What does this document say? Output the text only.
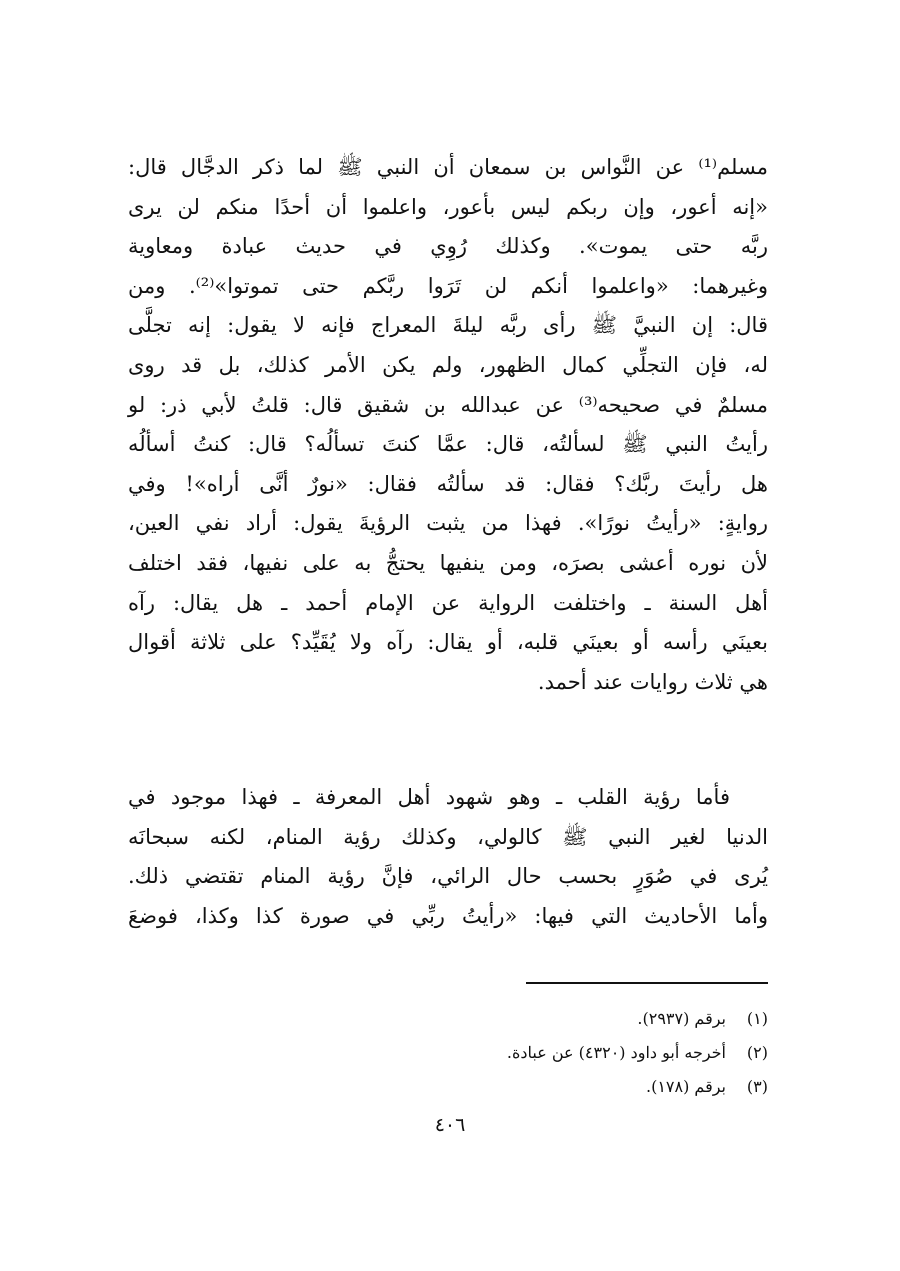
مسلم⁽¹⁾ عن النَّواس بن سمعان أن النبي ﷺ لما ذكر الدجَّال قال:
«إنه أعور، وإن ربكم ليس بأعور، واعلموا أن أحدًا منكم لن يرى
ربَّه حتى يموت». وكذلك رُوِي في حديث عبادة ومعاوية
وغيرهما: «واعلموا أنكم لن تَرَوا ربَّكم حتى تموتوا»⁽²⁾. ومن
قال: إن النبيَّ ﷺ رأى ربَّه ليلةَ المعراج فإنه لا يقول: إنه تجلَّى
له، فإن التجلِّي كمال الظهور، ولم يكن الأمر كذلك، بل قد روى
مسلمٌ في صحيحه⁽³⁾ عن عبدالله بن شقيق قال: قلتُ لأبي ذر: لو
رأيتُ النبي ﷺ لسألتُه، قال: عمَّا كنتَ تسألُه؟ قال: كنتُ أسألُه
هل رأيتَ ربَّك؟ فقال: قد سألتُه فقال: «نورٌ أنَّى أراه»! وفي
روايةٍ: «رأيتُ نورًا». فهذا من يثبت الرؤيةَ يقول: أراد نفي العين،
لأن نوره أعشى بصرَه، ومن ينفيها يحتجُّ به على نفيها، فقد اختلف
أهل السنة ـ واختلفت الرواية عن الإمام أحمد ـ هل يقال: رآه
بعينَي رأسه أو بعينَي قلبه، أو يقال: رآه ولا يُقَيِّد؟ على ثلاثة أقوال
هي ثلاث روايات عند أحمد.
فأما رؤية القلب ـ وهو شهود أهل المعرفة ـ فهذا موجود في
الدنيا لغير النبي ﷺ كالولي، وكذلك رؤية المنام، لكنه سبحانَه
يُرى في صُوَرٍ بحسب حال الرائي، فإنَّ رؤية المنام تقتضي ذلك.
وأما الأحاديث التي فيها: «رأيتُ ربِّي في صورة كذا وكذا، فوضعَ
(١)برقم (٢٩٣٧).
(٢)أخرجه أبو داود (٤٣٢٠) عن عبادة.
(٣)برقم (١٧٨).
٤٠٦
